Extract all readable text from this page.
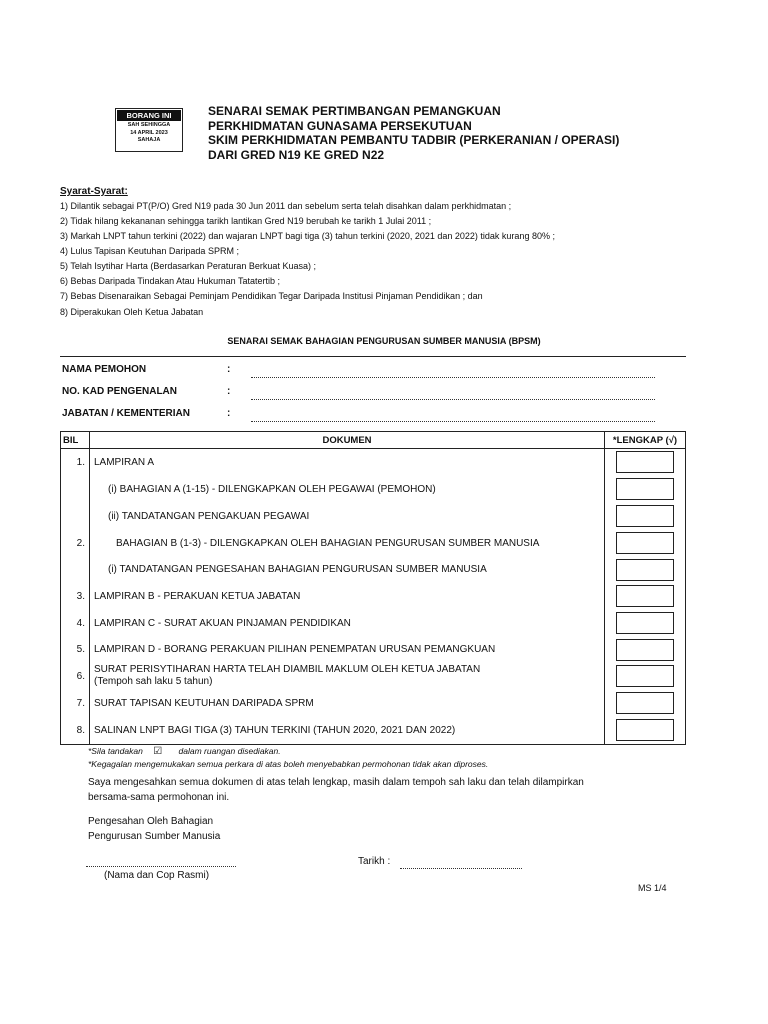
BORANG INI
SAH SEHINGGA
14 APRIL 2023
SAHAJA
SENARAI SEMAK PERTIMBANGAN PEMANGKUAN
PERKHIDMATAN GUNASAMA PERSEKUTUAN
SKIM PERKHIDMATAN PEMBANTU TADBIR (PERKERANIAN / OPERASI)
DARI GRED N19 KE GRED N22
Syarat-Syarat:
1) Dilantik sebagai PT(P/O) Gred N19 pada 30 Jun 2011 dan sebelum serta telah disahkan dalam perkhidmatan ;
2) Tidak hilang kekananan sehingga tarikh lantikan Gred N19 berubah ke tarikh 1 Julai 2011 ;
3) Markah LNPT tahun terkini (2022) dan wajaran LNPT bagi tiga (3) tahun terkini (2020, 2021 dan 2022) tidak kurang 80% ;
4) Lulus Tapisan Keutuhan Daripada SPRM ;
5) Telah Isytihar Harta (Berdasarkan Peraturan Berkuat Kuasa) ;
6) Bebas Daripada Tindakan Atau Hukuman Tatatertib ;
7) Bebas Disenaraikan Sebagai Peminjam Pendidikan Tegar Daripada Institusi Pinjaman Pendidikan ; dan
8) Diperakukan Oleh Ketua Jabatan
SENARAI SEMAK BAHAGIAN PENGURUSAN SUMBER MANUSIA (BPSM)
NAMA PEMOHON	:
NO. KAD PENGENALAN	:
JABATAN / KEMENTERIAN	:
BIL	DOKUMEN	*LENGKAP (√)
1.	LAMPIRAN A	
	(i) BAHAGIAN A (1-15) - DILENGKAPKAN OLEH PEGAWAI (PEMOHON)	
	(ii) TANDATANGAN PENGAKUAN PEGAWAI	
2.	BAHAGIAN B (1-3) - DILENGKAPKAN OLEH BAHAGIAN PENGURUSAN SUMBER MANUSIA	
	(i) TANDATANGAN PENGESAHAN BAHAGIAN PENGURUSAN SUMBER MANUSIA	
3.	LAMPIRAN B - PERAKUAN KETUA JABATAN	
4.	LAMPIRAN C - SURAT AKUAN PINJAMAN PENDIDIKAN	
5.	LAMPIRAN D - BORANG PERAKUAN PILIHAN PENEMPATAN URUSAN PEMANGKUAN	
6.	SURAT PERISYTIHARAN HARTA TELAH DIAMBIL MAKLUM OLEH KETUA JABATAN
(Tempoh sah laku 5 tahun)	

7.	SURAT TAPISAN KEUTUHAN DARIPADA SPRM	
8.	SALINAN LNPT BAGI TIGA (3) TAHUN TERKINI (TAHUN 2020, 2021 DAN 2022)	
*Sila tandakan ☑ dalam ruangan disediakan.
*Kegagalan mengemukakan semua perkara di atas boleh menyebabkan permohonan tidak akan diproses.
Saya mengesahkan semua dokumen di atas telah lengkap, masih dalam tempoh sah laku dan telah dilampirkan
bersama-sama permohonan ini.
Pengesahan Oleh Bahagian
Pengurusan Sumber Manusia
(Nama dan Cop Rasmi)
Tarikh :
MS 1/4
